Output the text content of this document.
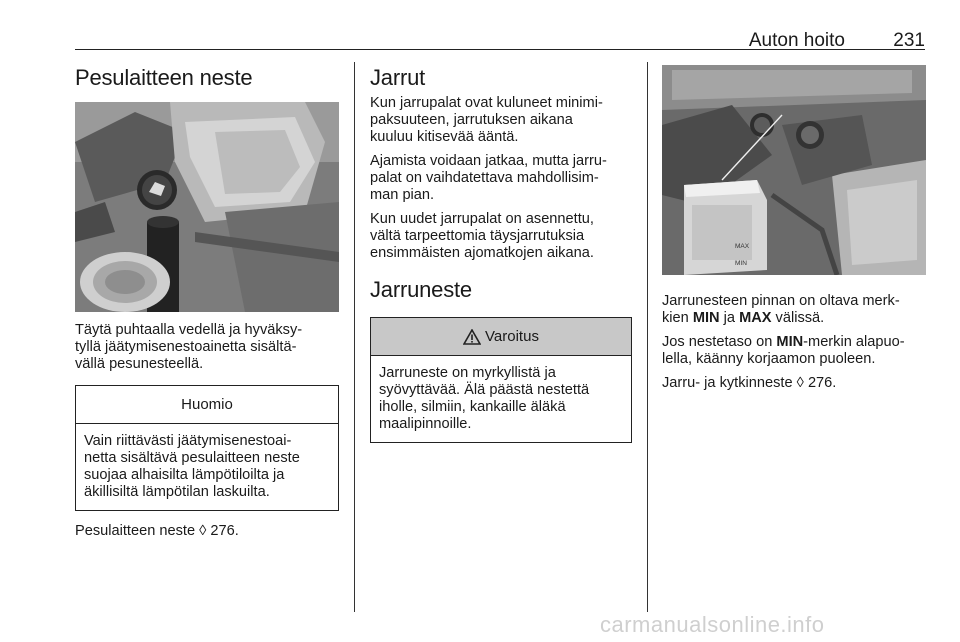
Auton hoito	231
Pesulaitteen neste
Täytä puhtaalla vedellä ja hyväksy-
tyllä jäätymisenestoainetta sisältä-
vällä pesunesteellä.
Huomio
Vain riittävästi jäätymisenestoai-
netta sisältävä pesulaitteen neste
suojaa alhaisilta lämpötiloilta ja
äkillisiltä lämpötilan laskuilta.
Pesulaitteen neste ◊ 276.
Jarrut
Kun jarrupalat ovat kuluneet minimi-
paksuuteen, jarrutuksen aikana
kuuluu kitisevää ääntä.
Ajamista voidaan jatkaa, mutta jarru-
palat on vaihdatettava mahdollisim-
man pian.
Kun uudet jarrupalat on asennettu,
vältä tarpeettomia täysjarrutuksia
ensimmäisten ajomatkojen aikana.
Jarruneste
Varoitus
Jarruneste on myrkyllistä ja
syövyttävää. Älä päästä nestettä
iholle, silmiin, kankaille äläkä
maalipinnoille.
MAX
MIN
Jarrunesteen pinnan on oltava merk-
kien MIN ja MAX välissä.
Jos nestetaso on MIN-merkin alapuo-
lella, käänny korjaamon puoleen.
Jarru- ja kytkinneste ◊ 276.
carmanualsonline.info
